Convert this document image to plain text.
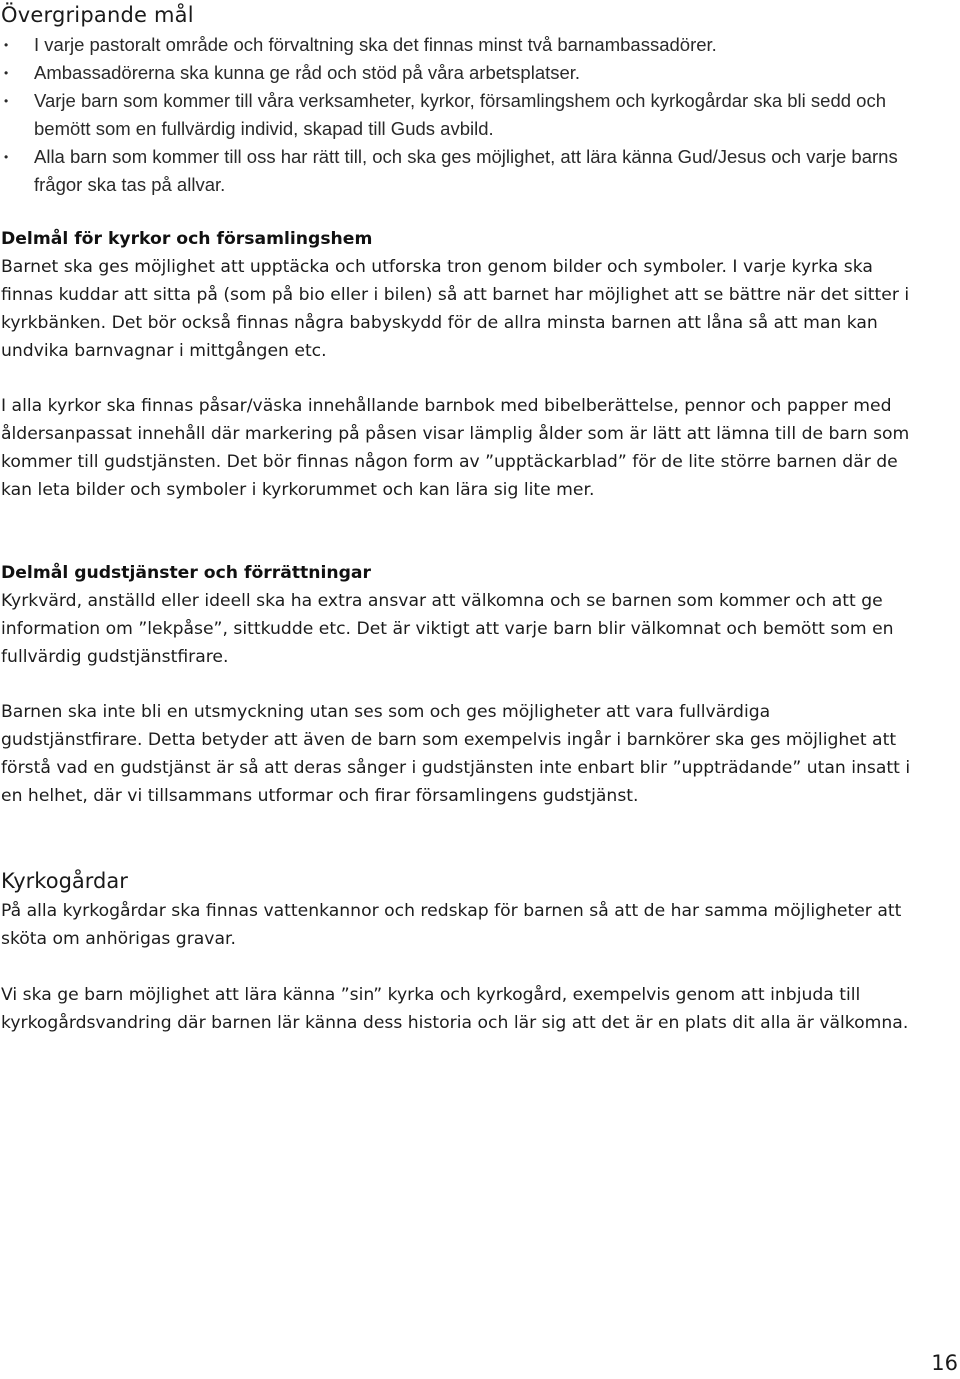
Övergripande mål
• I varje pastoralt område och förvaltning ska det finnas minst två barnambassadörer.
• Ambassadörerna ska kunna ge råd och stöd på våra arbetsplatser.
• Varje barn som kommer till våra verksamheter, kyrkor, församlingshem och kyrkogårdar ska bli sedd och bemött som en fullvärdig individ, skapad till Guds avbild.
• Alla barn som kommer till oss har rätt till, och ska ges möjlighet, att lära känna Gud/Jesus och varje barns frågor ska tas på allvar.
Delmål för kyrkor och församlingshem

Barnet ska ges möjlighet att upptäcka och utforska tron genom bilder och symboler. I varje kyrka ska finnas kuddar att sitta på (som på bio eller i bilen) så att barnet har möjlighet att se bättre när det sitter i kyrkbänken. Det bör också finnas några babyskydd för de allra minsta barnen att låna så att man kan undvika barnvagnar i mittgången etc.

I alla kyrkor ska finnas påsar/väska innehållande barnbok med bibelberättelse, pennor och papper med åldersanpassat innehåll där markering på påsen visar lämplig ålder som är lätt att lämna till de barn som kommer till gudstjänsten. Det bör finnas någon form av ”upptäckarblad” för de lite större barnen där de kan leta bilder och symboler i kyrkorummet och kan lära sig lite mer.

Delmål gudstjänster och förrättningar

Kyrkvärd, anställd eller ideell ska ha extra ansvar att välkomna och se barnen som kommer och att ge information om ”lekpåse”, sittkudde etc. Det är viktigt att varje barn blir välkomnat och bemött som en fullvärdig gudstjänstfirare.

Barnen ska inte bli en utsmyckning utan ses som och ges möjligheter att vara fullvärdiga gudstjänstfirare. Detta betyder att även de barn som exempelvis ingår i barnkörer ska ges möjlighet att förstå vad en gudstjänst är så att deras sånger i gudstjänsten inte enbart blir ”uppträdande” utan insatt i en helhet, där vi tillsammans utformar och firar församlingens gudstjänst.

Kyrkogårdar

På alla kyrkogårdar ska finnas vattenkannor och redskap för barnen så att de har samma möjligheter att sköta om anhörigas gravar.

Vi ska ge barn möjlighet att lära känna ”sin” kyrka och kyrkogård, exempelvis genom att inbjuda till kyrkogårdsvandring där barnen lär känna dess historia och lär sig att det är en plats dit alla är välkomna.

16
